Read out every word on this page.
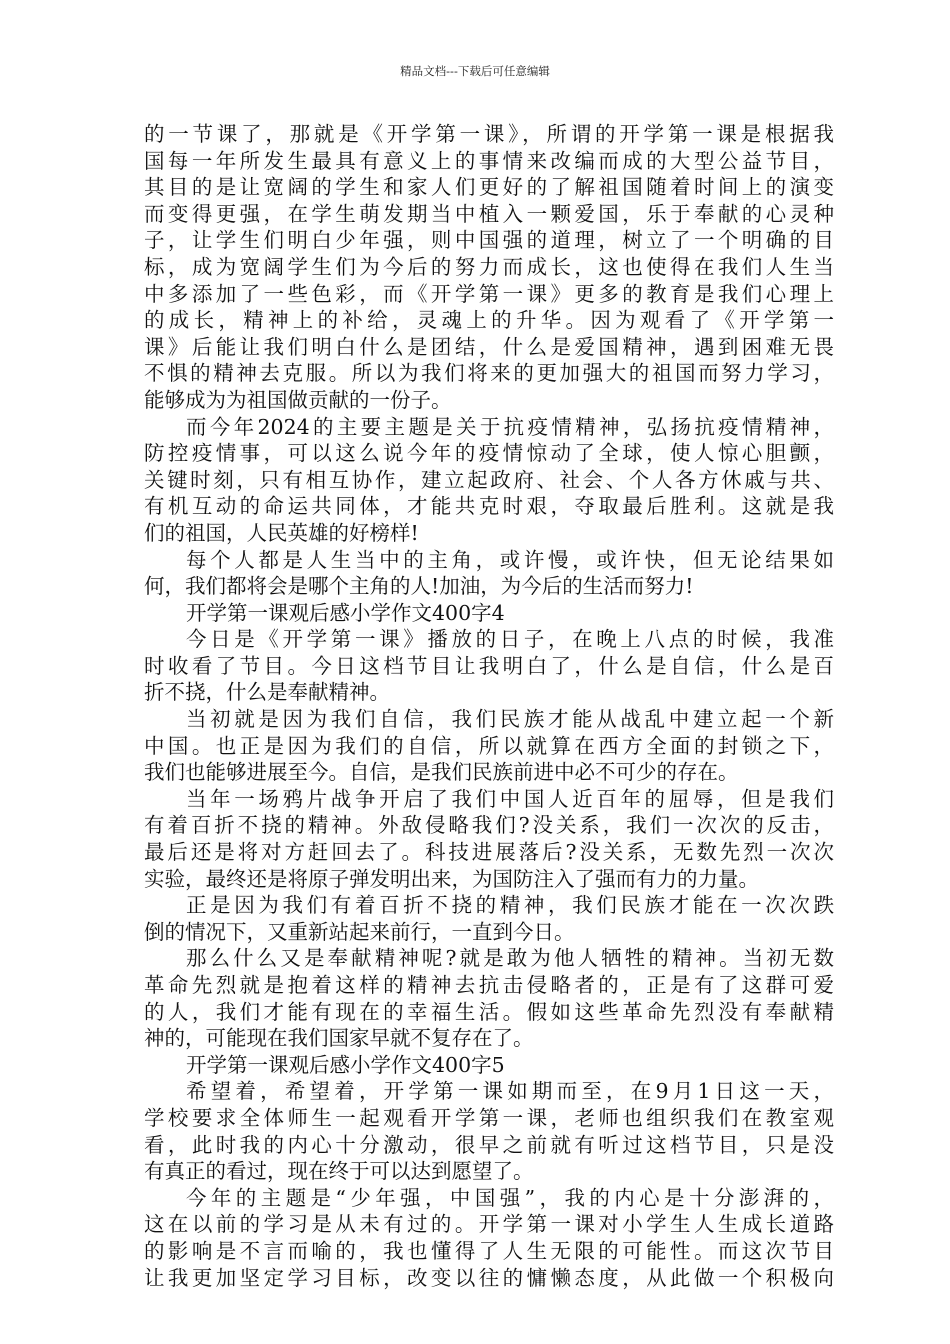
精品文档---下载后可任意编辑
的一节课了，那就是《开学第一课》，所谓的开学第一课是根据我
国每一年所发生最具有意义上的事情来改编而成的大型公益节目，
其目的是让宽阔的学生和家人们更好的了解祖国随着时间上的演变
而变得更强，在学生萌发期当中植入一颗爱国，乐于奉献的心灵种
子，让学生们明白少年强，则中国强的道理，树立了一个明确的目
标，成为宽阔学生们为今后的努力而成长，这也使得在我们人生当
中多添加了一些色彩，而《开学第一课》更多的教育是我们心理上
的成长，精神上的补给，灵魂上的升华。因为观看了《开学第一
课》后能让我们明白什么是团结，什么是爱国精神，遇到困难无畏
不惧的精神去克服。所以为我们将来的更加强大的祖国而努力学习，
能够成为为祖国做贡献的一份子。
而今年2024的主要主题是关于抗疫情精神，弘扬抗疫情精神，
防控疫情事，可以这么说今年的疫情惊动了全球，使人惊心胆颤，
关键时刻，只有相互协作，建立起政府、社会、个人各方休戚与共、
有机互动的命运共同体，才能共克时艰，夺取最后胜利。这就是我
们的祖国，人民英雄的好榜样!
每个人都是人生当中的主角，或许慢，或许快，但无论结果如
何，我们都将会是哪个主角的人!加油，为今后的生活而努力!
开学第一课观后感小学作文400字4
今日是《开学第一课》播放的日子，在晚上八点的时候，我准
时收看了节目。今日这档节目让我明白了，什么是自信，什么是百
折不挠，什么是奉献精神。
当初就是因为我们自信，我们民族才能从战乱中建立起一个新
中国。也正是因为我们的自信，所以就算在西方全面的封锁之下，
我们也能够进展至今。自信，是我们民族前进中必不可少的存在。
当年一场鸦片战争开启了我们中国人近百年的屈辱，但是我们
有着百折不挠的精神。外敌侵略我们?没关系，我们一次次的反击，
最后还是将对方赶回去了。科技进展落后?没关系，无数先烈一次次
实验，最终还是将原子弹发明出来，为国防注入了强而有力的力量。
正是因为我们有着百折不挠的精神，我们民族才能在一次次跌
倒的情况下，又重新站起来前行，一直到今日。
那么什么又是奉献精神呢?就是敢为他人牺牲的精神。当初无数
革命先烈就是抱着这样的精神去抗击侵略者的，正是有了这群可爱
的人，我们才能有现在的幸福生活。假如这些革命先烈没有奉献精
神的，可能现在我们国家早就不复存在了。
开学第一课观后感小学作文400字5
希望着，希望着，开学第一课如期而至，在9月1日这一天，
学校要求全体师生一起观看开学第一课，老师也组织我们在教室观
看，此时我的内心十分激动，很早之前就有听过这档节目，只是没
有真正的看过，现在终于可以达到愿望了。
今年的主题是“少年强，中国强”，我的内心是十分澎湃的，
这在以前的学习是从未有过的。开学第一课对小学生人生成长道路
的影响是不言而喻的，我也懂得了人生无限的可能性。而这次节目
让我更加坚定学习目标，改变以往的慵懒态度，从此做一个积极向
